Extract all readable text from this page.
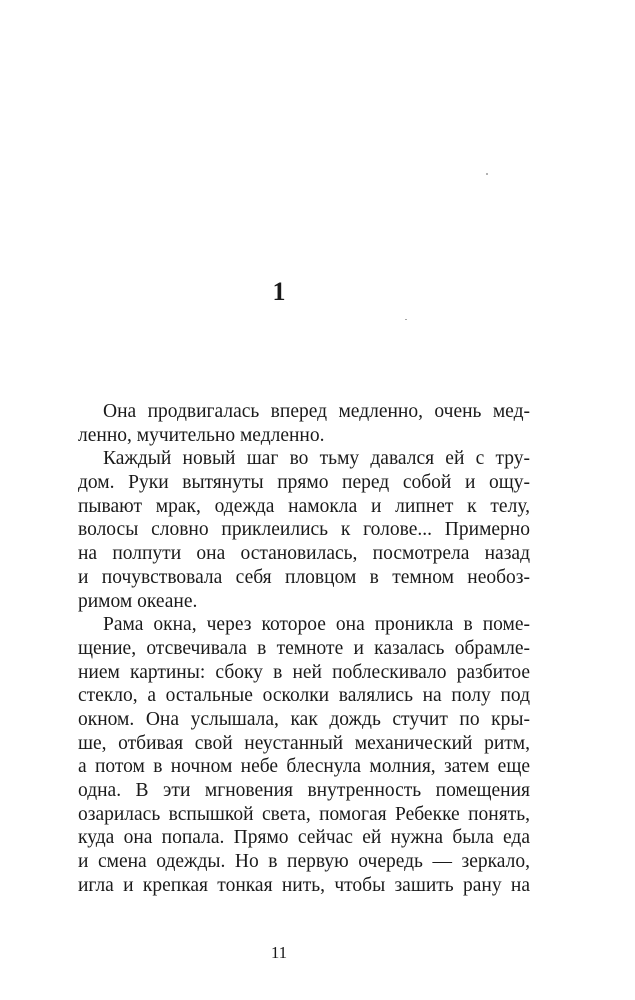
1
Она продвигалась вперед медленно, очень мед-
ленно, мучительно медленно.
Каждый новый шаг во тьму давался ей с тру-
дом. Руки вытянуты прямо перед собой и ощу-
пывают мрак, одежда намокла и липнет к телу,
волосы словно приклеились к голове... Примерно
на полпути она остановилась, посмотрела назад
и почувствовала себя пловцом в темном необоз-
римом океане.
Рама окна, через которое она проникла в поме-
щение, отсвечивала в темноте и казалась обрамле-
нием картины: сбоку в ней поблескивало разбитое
стекло, а остальные осколки валялись на полу под
окном. Она услышала, как дождь стучит по кры-
ше, отбивая свой неустанный механический ритм,
а потом в ночном небе блеснула молния, затем еще
одна. В эти мгновения внутренность помещения
озарилась вспышкой света, помогая Ребекке понять,
куда она попала. Прямо сейчас ей нужна была еда
и смена одежды. Но в первую очередь — зеркало,
игла и крепкая тонкая нить, чтобы зашить рану на
11
